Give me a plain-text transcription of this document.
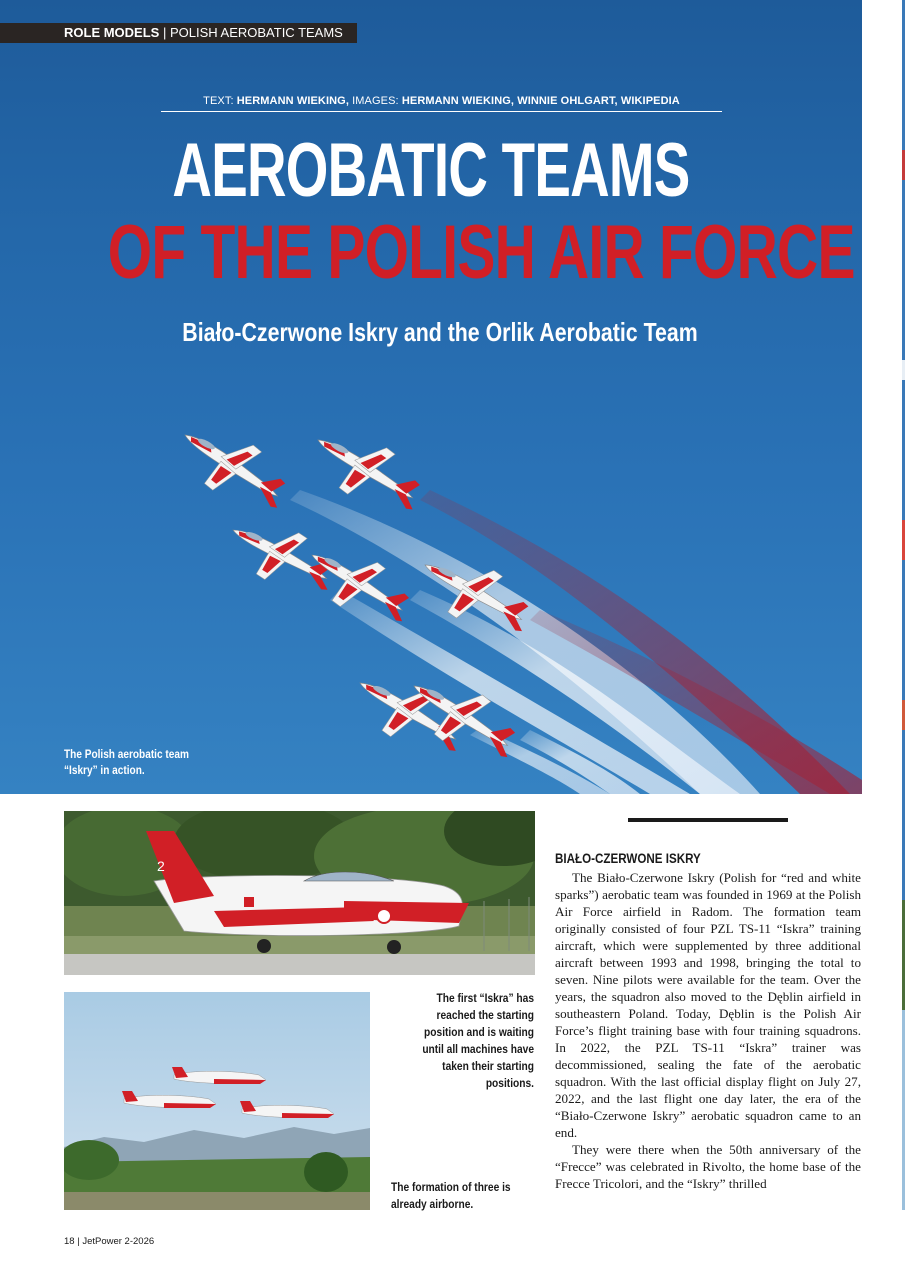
ROLE MODELS | POLISH AEROBATIC TEAMS
TEXT: HERMANN WIEKING, IMAGES: HERMANN WIEKING, WINNIE OHLGART, WIKIPEDIA
AEROBATIC TEAMS
OF THE POLISH AIR FORCE
Biało-Czerwone Iskry and the Orlik Aerobatic Team
The Polish aerobatic team
“Iskry” in action.
2
The first “Iskra” has reached the starting position and is waiting until all machines have taken their starting positions.
The formation of three is already airborne.
BIAŁO-CZERWONE ISKRY

The Biało-Czerwone Iskry (Polish for “red and white sparks”) aerobatic team was founded in 1969 at the Polish Air Force airfield in Radom. The formation team originally consisted of four PZL TS-11 “Iskra” training aircraft, which were supplemented by three additional aircraft between 1993 and 1998, bringing the total to seven. Nine pilots were available for the team. Over the years, the squadron also moved to the Dęblin airfield in southeastern Poland. Today, Dęblin is the Polish Air Force’s flight training base with four training squadrons. In 2022, the PZL TS-11 “Iskra” trainer was decommissioned, sealing the fate of the aerobatic squadron. With the last official display flight on July 27, 2022, and the last flight one day later, the era of the “Biało-Czerwone Iskry” aerobatic squadron came to an end.

They were there when the 50th anniversary of the “Frecce” was celebrated in Rivolto, the home base of the Frecce Tricolori, and the “Iskry” thrilled

18 | JetPower 2-2026
